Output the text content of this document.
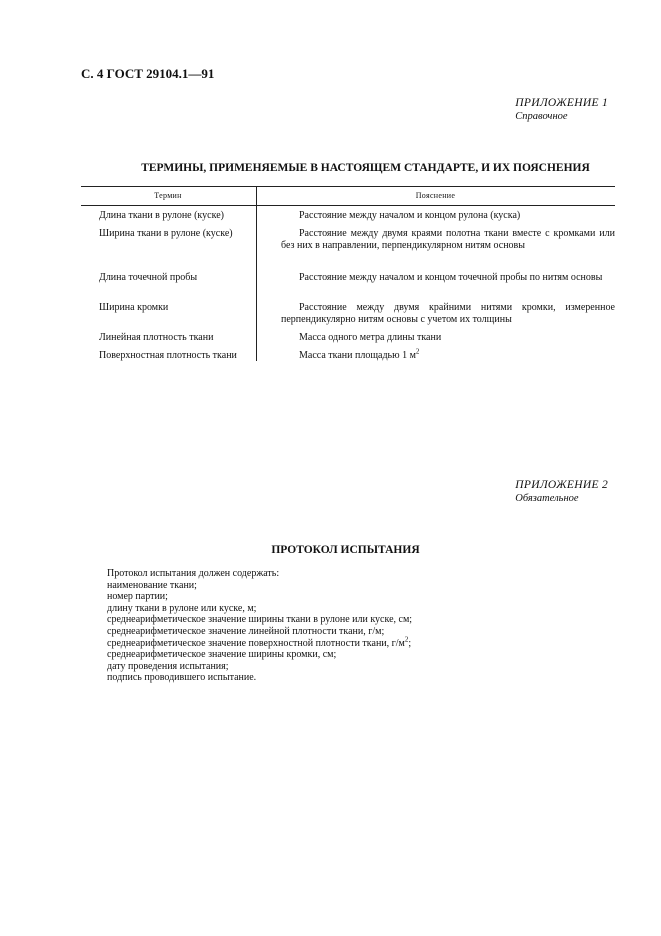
С. 4 ГОСТ 29104.1—91
ПРИЛОЖЕНИЕ 1
Справочное
ТЕРМИНЫ, ПРИМЕНЯЕМЫЕ В НАСТОЯЩЕМ СТАНДАРТЕ, И ИХ ПОЯСНЕНИЯ
Термин	Пояснение
Длина ткани в рулоне (куске)	Расстояние между началом и концом рулона (куска)
Ширина ткани в рулоне (куске)	Расстояние между двумя краями полотна ткани вместе с кромками или без них в направлении, перпендикулярном нитям основы
Длина точечной пробы	Расстояние между началом и концом точечной пробы по нитям основы
Ширина кромки	Расстояние между двумя крайними нитями кромки, измеренное перпендикулярно нитям основы с учетом их толщины
Линейная плотность ткани	Масса одного метра длины ткани
Поверхностная плотность ткани	Масса ткани площадью 1 $м^2$
ПРИЛОЖЕНИЕ 2
Обязательное
ПРОТОКОЛ ИСПЫТАНИЯ
Протокол испытания должен содержать:
наименование ткани;
номер партии;
длину ткани в рулоне или куске, м;
среднеарифметическое значение ширины ткани в рулоне или куске, см;
среднеарифметическое значение линейной плотности ткани, г/м;
среднеарифметическое значение поверхностной плотности ткани, $г/м^2$;
среднеарифметическое значение ширины кромки, см;
дату проведения испытания;
подпись проводившего испытание.
